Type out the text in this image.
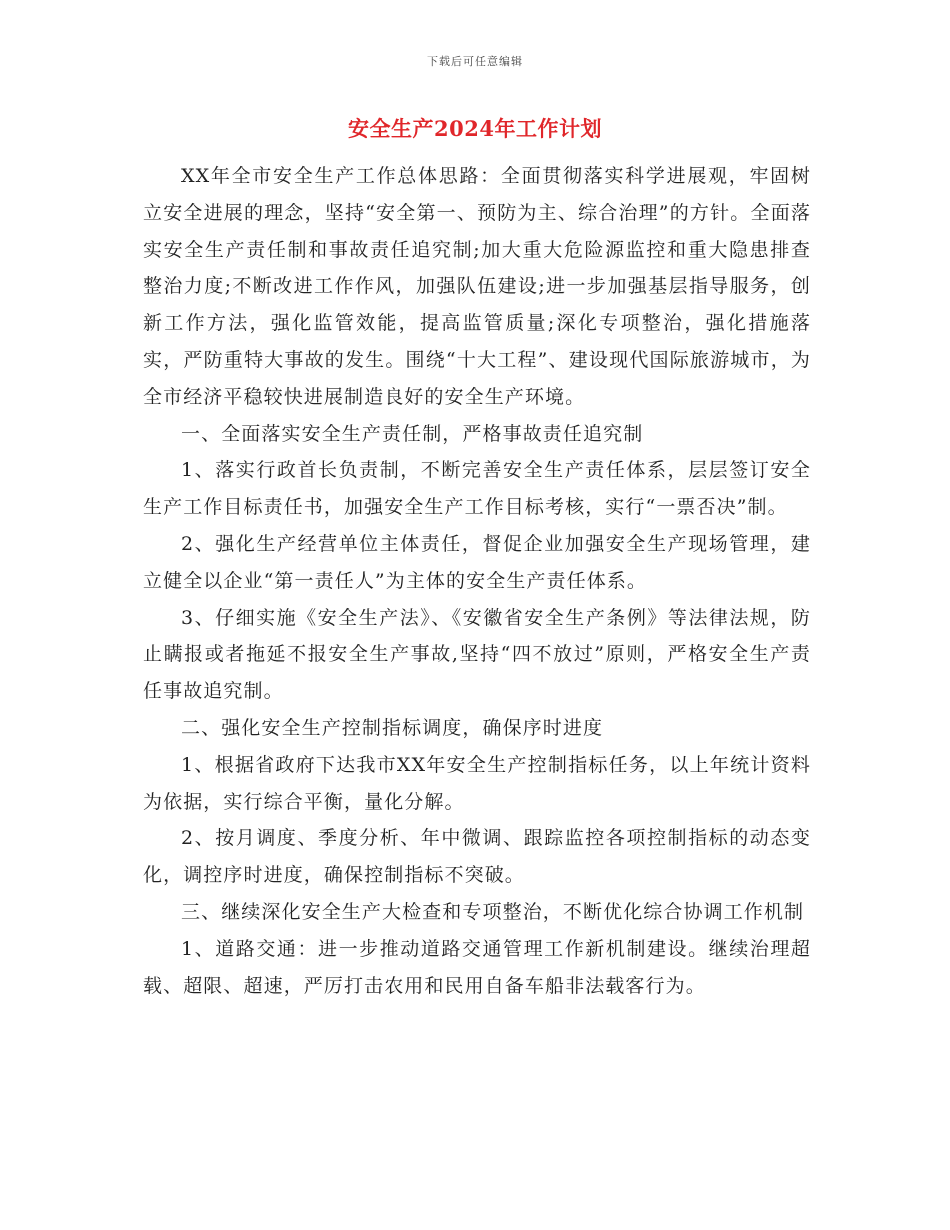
下载后可任意编辑
安全生产2024年工作计划

XX年全市安全生产工作总体思路：全面贯彻落实科学进展观，牢固树立安全进展的理念，坚持“安全第一、预防为主、综合治理”的方针。全面落实安全生产责任制和事故责任追究制;加大重大危险源监控和重大隐患排查整治力度;不断改进工作作风，加强队伍建设;进一步加强基层指导服务，创新工作方法，强化监管效能，提高监管质量;深化专项整治，强化措施落实，严防重特大事故的发生。围绕“十大工程”、建设现代国际旅游城市，为全市经济平稳较快进展制造良好的安全生产环境。

一、全面落实安全生产责任制，严格事故责任追究制

1、落实行政首长负责制，不断完善安全生产责任体系，层层签订安全生产工作目标责任书，加强安全生产工作目标考核，实行“一票否决”制。

2、强化生产经营单位主体责任，督促企业加强安全生产现场管理，建立健全以企业“第一责任人”为主体的安全生产责任体系。

3、仔细实施《安全生产法》、《安徽省安全生产条例》等法律法规，防止瞒报或者拖延不报安全生产事故,坚持“四不放过”原则，严格安全生产责任事故追究制。

二、强化安全生产控制指标调度，确保序时进度

1、根据省政府下达我市XX年安全生产控制指标任务，以上年统计资料为依据，实行综合平衡，量化分解。

2、按月调度、季度分析、年中微调、跟踪监控各项控制指标的动态变化，调控序时进度，确保控制指标不突破。

三、继续深化安全生产大检查和专项整治，不断优化综合协调工作机制

1、道路交通：进一步推动道路交通管理工作新机制建设。继续治理超载、超限、超速，严厉打击农用和民用自备车船非法载客行为。
